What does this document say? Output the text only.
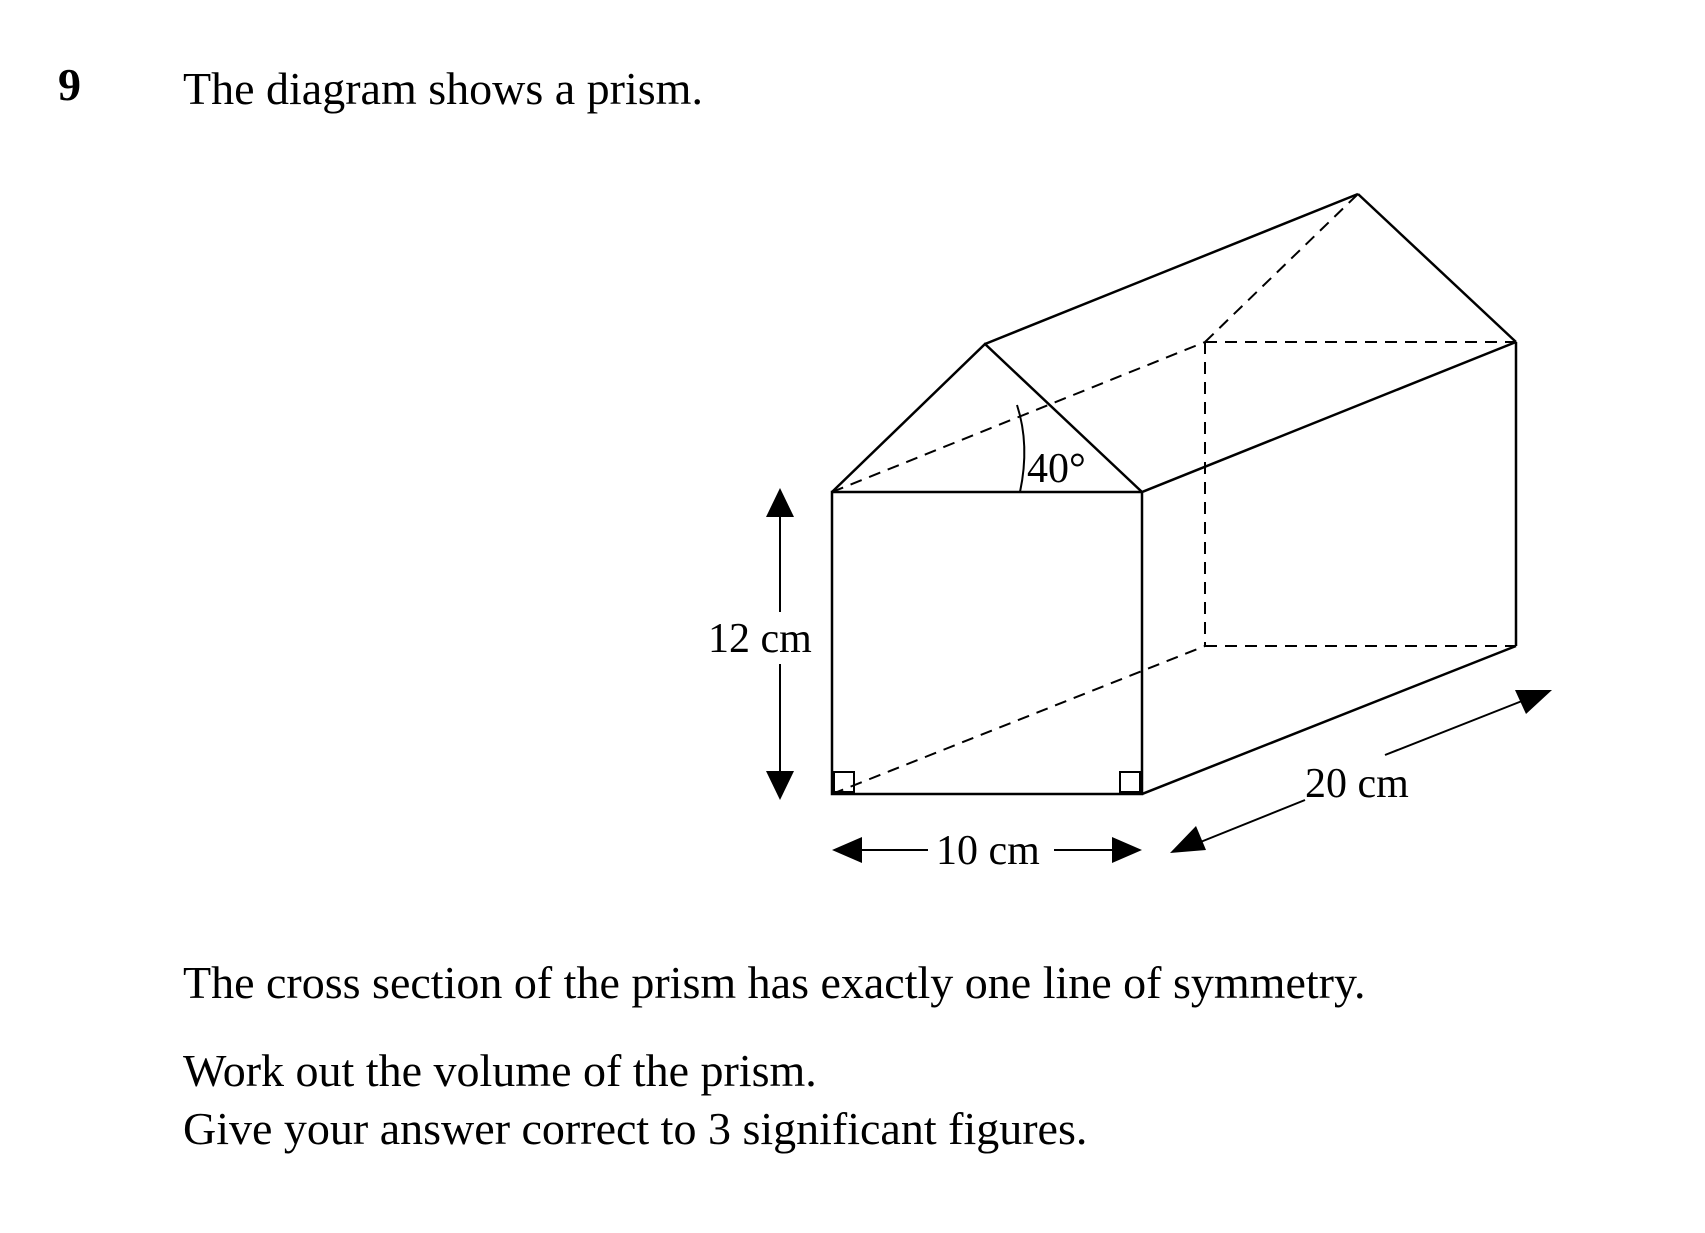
9 The diagram shows a prism.
40°
12 cm
10 cm
20 cm
The cross section of the prism has exactly one line of symmetry.
Work out the volume of the prism.
Give your answer correct to 3 significant figures.
